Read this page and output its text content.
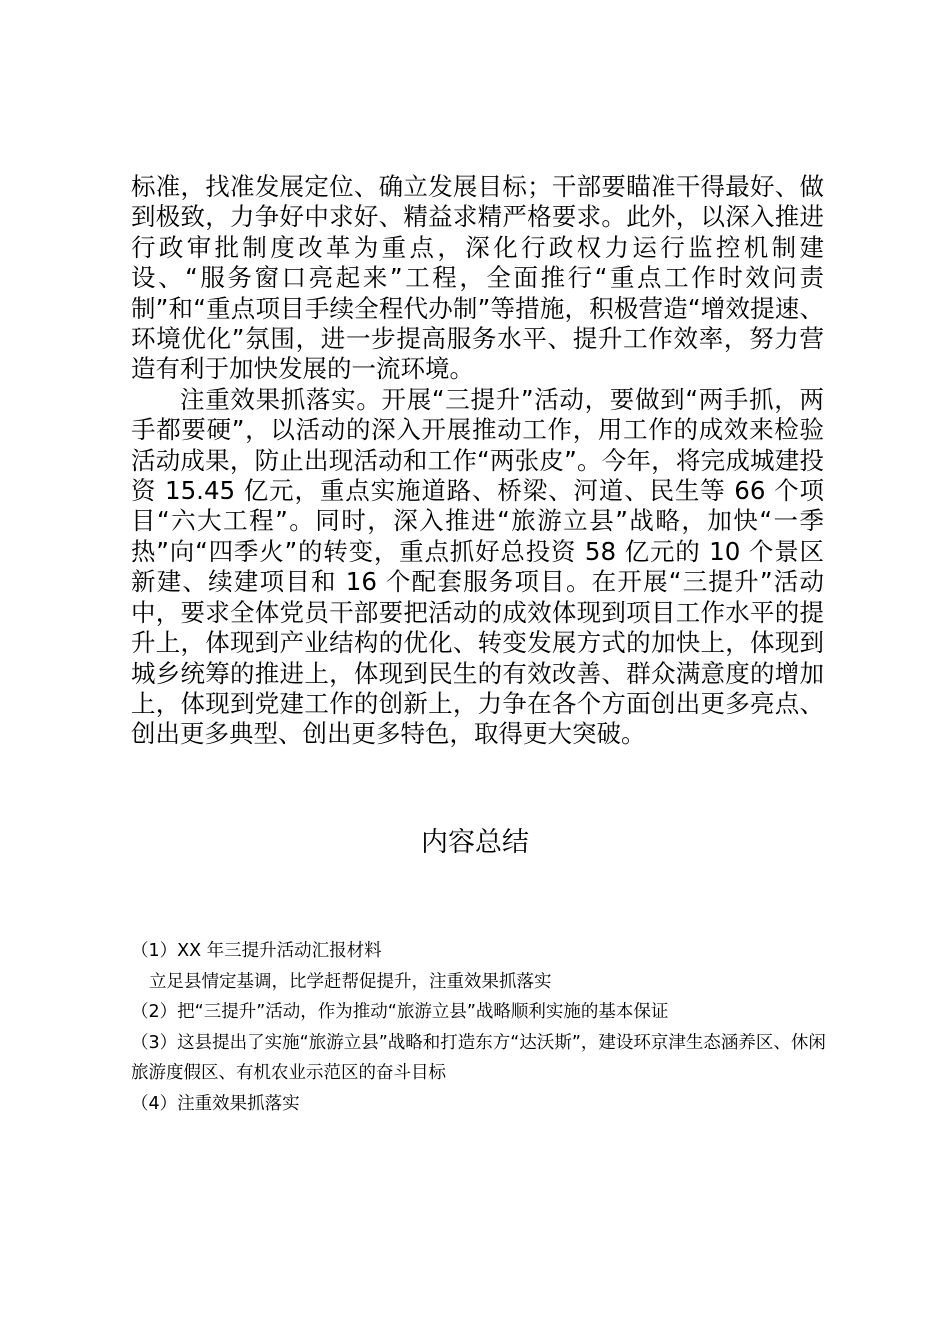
标准，找准发展定位、确立发展目标；干部要瞄准干得最好、做到极致，力争好中求好、精益求精严格要求。此外，以深入推进行政审批制度改革为重点，深化行政权力运行监控机制建设、“服务窗口亮起来”工程，全面推行“重点工作时效问责制”和“重点项目手续全程代办制”等措施，积极营造“增效提速、环境优化”氛围，进一步提高服务水平、提升工作效率，努力营造有利于加快发展的一流环境。

注重效果抓落实。开展“三提升”活动，要做到“两手抓，两手都要硬”，以活动的深入开展推动工作，用工作的成效来检验活动成果，防止出现活动和工作“两张皮”。今年，将完成城建投资 15.45 亿元，重点实施道路、桥梁、河道、民生等 66 个项目“六大工程”。同时，深入推进“旅游立县”战略，加快“一季热”向“四季火”的转变，重点抓好总投资 58 亿元的 10 个景区新建、续建项目和 16 个配套服务项目。在开展“三提升”活动中，要求全体党员干部要把活动的成效体现到项目工作水平的提升上，体现到产业结构的优化、转变发展方式的加快上，体现到城乡统筹的推进上，体现到民生的有效改善、群众满意度的增加上，体现到党建工作的创新上，力争在各个方面创出更多亮点、创出更多典型、创出更多特色，取得更大突破。

内容总结

（1）XX 年三提升活动汇报材料

立足县情定基调，比学赶帮促提升，注重效果抓落实

（2）把“三提升”活动，作为推动“旅游立县”战略顺利实施的基本保证

（3）这县提出了实施“旅游立县”战略和打造东方“达沃斯”，建设环京津生态涵养区、休闲旅游度假区、有机农业示范区的奋斗目标

（4）注重效果抓落实
